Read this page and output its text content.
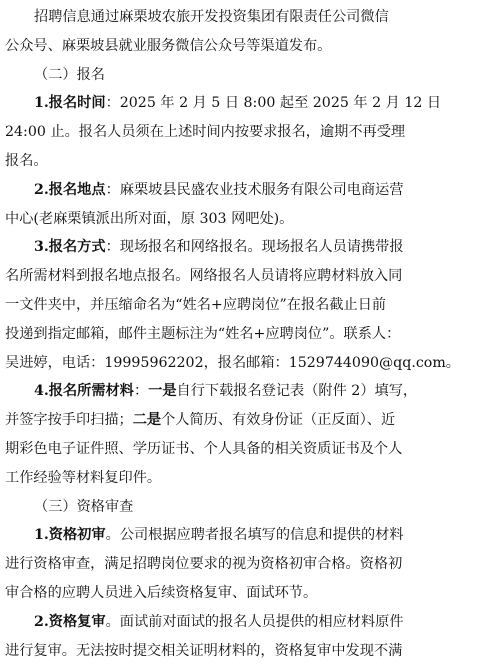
招聘信息通过麻栗坡农旅开发投资集团有限责任公司微信
公众号、麻栗坡县就业服务微信公众号等渠道发布。
（二）报名
1.报名时间：2025 年 2 月 5 日 8:00 起至 2025 年 2 月 12 日
24:00 止。报名人员须在上述时间内按要求报名，逾期不再受理
报名。
2.报名地点：麻栗坡县民盛农业技术服务有限公司电商运营
中心(老麻栗镇派出所对面，原 303 网吧处)。
3.报名方式：现场报名和网络报名。现场报名人员请携带报
名所需材料到报名地点报名。网络报名人员请将应聘材料放入同
一文件夹中，并压缩命名为“姓名+应聘岗位”在报名截止日前
投递到指定邮箱，邮件主题标注为“姓名+应聘岗位”。联系人：
吴进婷，电话：19995962202，报名邮箱：1529744090@qq.com。
4.报名所需材料：一是自行下载报名登记表（附件 2）填写，
并签字按手印扫描；二是个人简历、有效身份证（正反面）、近
期彩色电子证件照、学历证书、个人具备的相关资质证书及个人
工作经验等材料复印件。
（三）资格审查
1.资格初审。公司根据应聘者报名填写的信息和提供的材料
进行资格审查，满足招聘岗位要求的视为资格初审合格。资格初
审合格的应聘人员进入后续资格复审、面试环节。
2.资格复审。面试前对面试的报名人员提供的相应材料原件
进行复审。无法按时提交相关证明材料的，资格复审中发现不满
